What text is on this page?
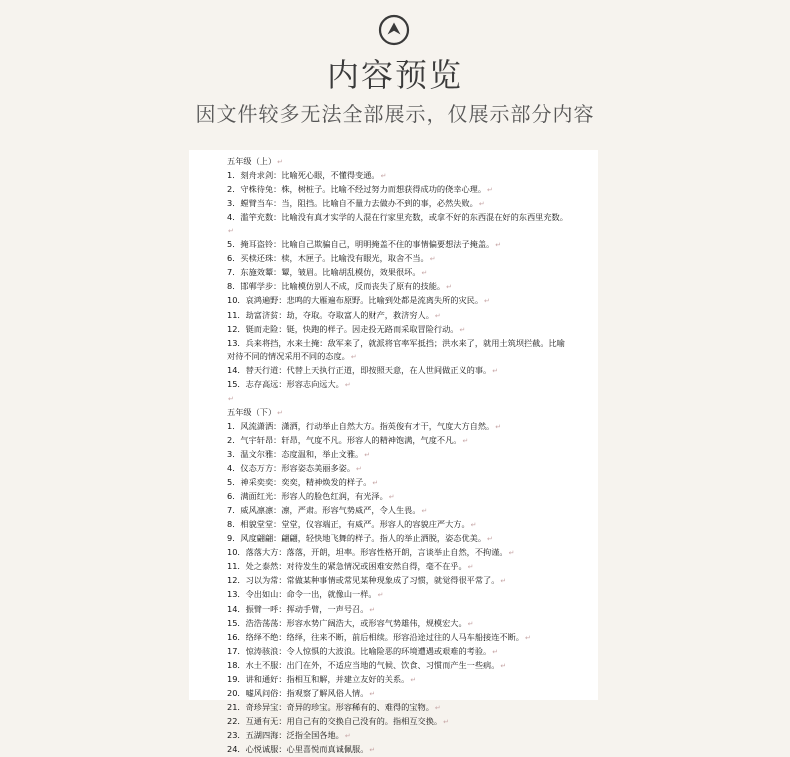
内容预览
因文件较多无法全部展示，仅展示部分内容
五年级（上）↵
1．刻舟求剑：比喻死心眼，不懂得变通。↵
2．守株待兔：株，树桩子。比喻不经过努力而想获得成功的侥幸心理。↵
3．螳臂当车：当，阻挡。比喻自不量力去做办不到的事，必然失败。↵
4．滥竽充数：比喻没有真才实学的人混在行家里充数，或拿不好的东西混在好的东西里充数。↵
5．掩耳盗铃：比喻自己欺骗自己，明明掩盖不住的事情偏要想法子掩盖。↵
6．买椟还珠：椟，木匣子。比喻没有眼光，取舍不当。↵
7．东施效颦：颦，皱眉。比喻胡乱模仿，效果很坏。↵
8．邯郸学步：比喻模仿别人不成，反而丧失了原有的技能。↵
10．哀鸿遍野：悲鸣的大雁遍布原野。比喻到处都是流离失所的灾民。↵
11．劫富济贫：劫，夺取。夺取富人的财产，救济穷人。↵
12．铤而走险：铤，快跑的样子。因走投无路而采取冒险行动。↵
13．兵来将挡，水来土掩：敌军来了，就派将官率军抵挡；洪水来了，就用土筑坝拦截。比喻对待不同的情况采用不同的态度。↵
14．替天行道：代替上天执行正道，即按照天意，在人世间做正义的事。↵
15．志存高远：形容志向远大。↵
↵
五年级（下）↵
1．风流潇洒：潇洒，行动举止自然大方。指英俊有才干，气度大方自然。↵
2．气宇轩昂：轩昂，气度不凡。形容人的精神饱满，气度不凡。↵
3．温文尔雅：态度温和，举止文雅。↵
4．仪态万方：形容姿态美丽多姿。↵
5．神采奕奕：奕奕，精神焕发的样子。↵
6．满面红光：形容人的脸色红润，有光泽。↵
7．威风凛凛：凛，严肃。形容气势威严，令人生畏。↵
8．相貌堂堂：堂堂，仪容端正，有威严。形容人的容貌庄严大方。↵
9．风度翩翩：翩翩，轻快地飞舞的样子。指人的举止洒脱，姿态优美。↵
10．落落大方：落落，开朗，坦率。形容性格开朗，言谈举止自然，不拘谨。↵
11．处之泰然：对待发生的紧急情况或困难安然自得，毫不在乎。↵
12．习以为常：常做某种事情或常见某种现象成了习惯，就觉得很平常了。↵
13．令出如山：命令一出，就像山一样。↵
14．振臂一呼：挥动手臂，一声号召。↵
15．浩浩荡荡：形容水势广阔浩大，或形容气势雄伟，规模宏大。↵
16．络绎不绝：络绎，往来不断，前后相续。形容沿途过往的人马车船接连不断。↵
17．惊涛骇浪：令人惊惧的大波浪。比喻险恶的环境遭遇或艰难的考验。↵
18．水土不服：出门在外，不适应当地的气候、饮食、习惯而产生一些病。↵
19．讲和通好：指相互和解，并建立友好的关系。↵
20．嘘风问俗：指观察了解风俗人情。↵
21．奇珍异宝：奇异的珍宝。形容稀有的、难得的宝物。↵
22．互通有无：用自己有的交换自己没有的。指相互交换。↵
23．五湖四海：泛指全国各地。↵
24．心悦诚服：心里喜悦而真诚佩服。↵
